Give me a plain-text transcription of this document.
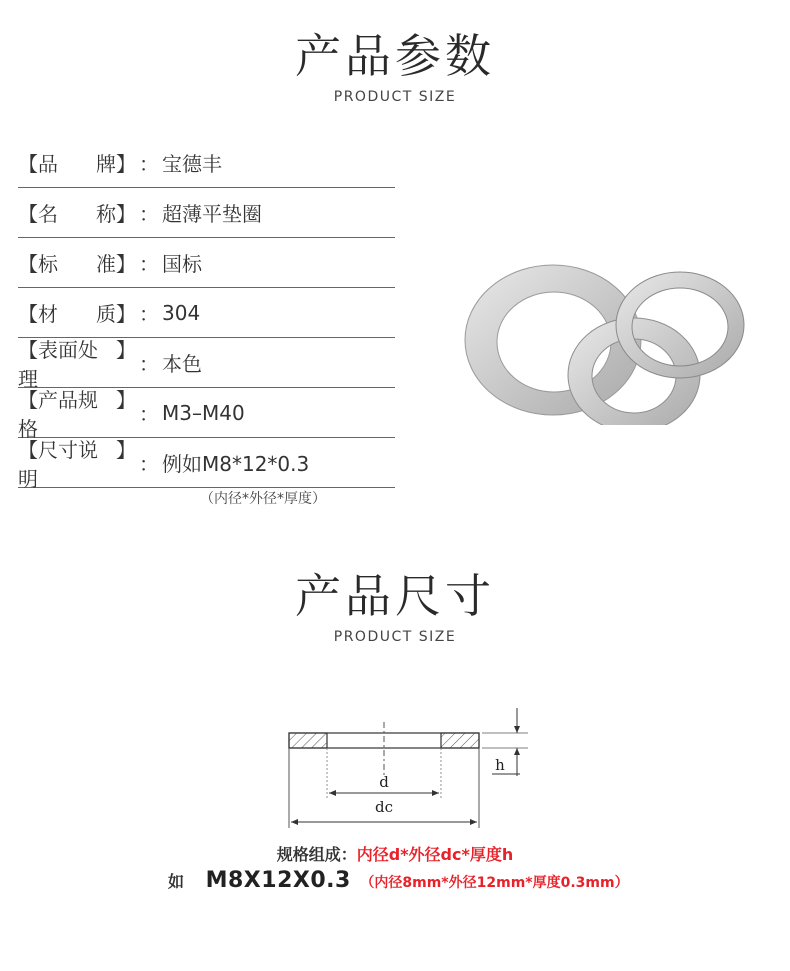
产品参数
PRODUCT SIZE
【品 牌】 ： 宝德丰
【名 称】 ： 超薄平垫圈
【标 准】 ： 国标
【材 质】 ： 304
【表面处理
】
： 本色
【产品规格
】
： M3–M40
【尺寸说明
】
： 例如M8*12*0.3
（内径*外径*厚度）
产品尺寸
PRODUCT SIZE
d
dc
h
规格组成：内径d*外径dc*厚度h
如 M8X12X0.3 （内径8mm*外径12mm*厚度0.3mm）
